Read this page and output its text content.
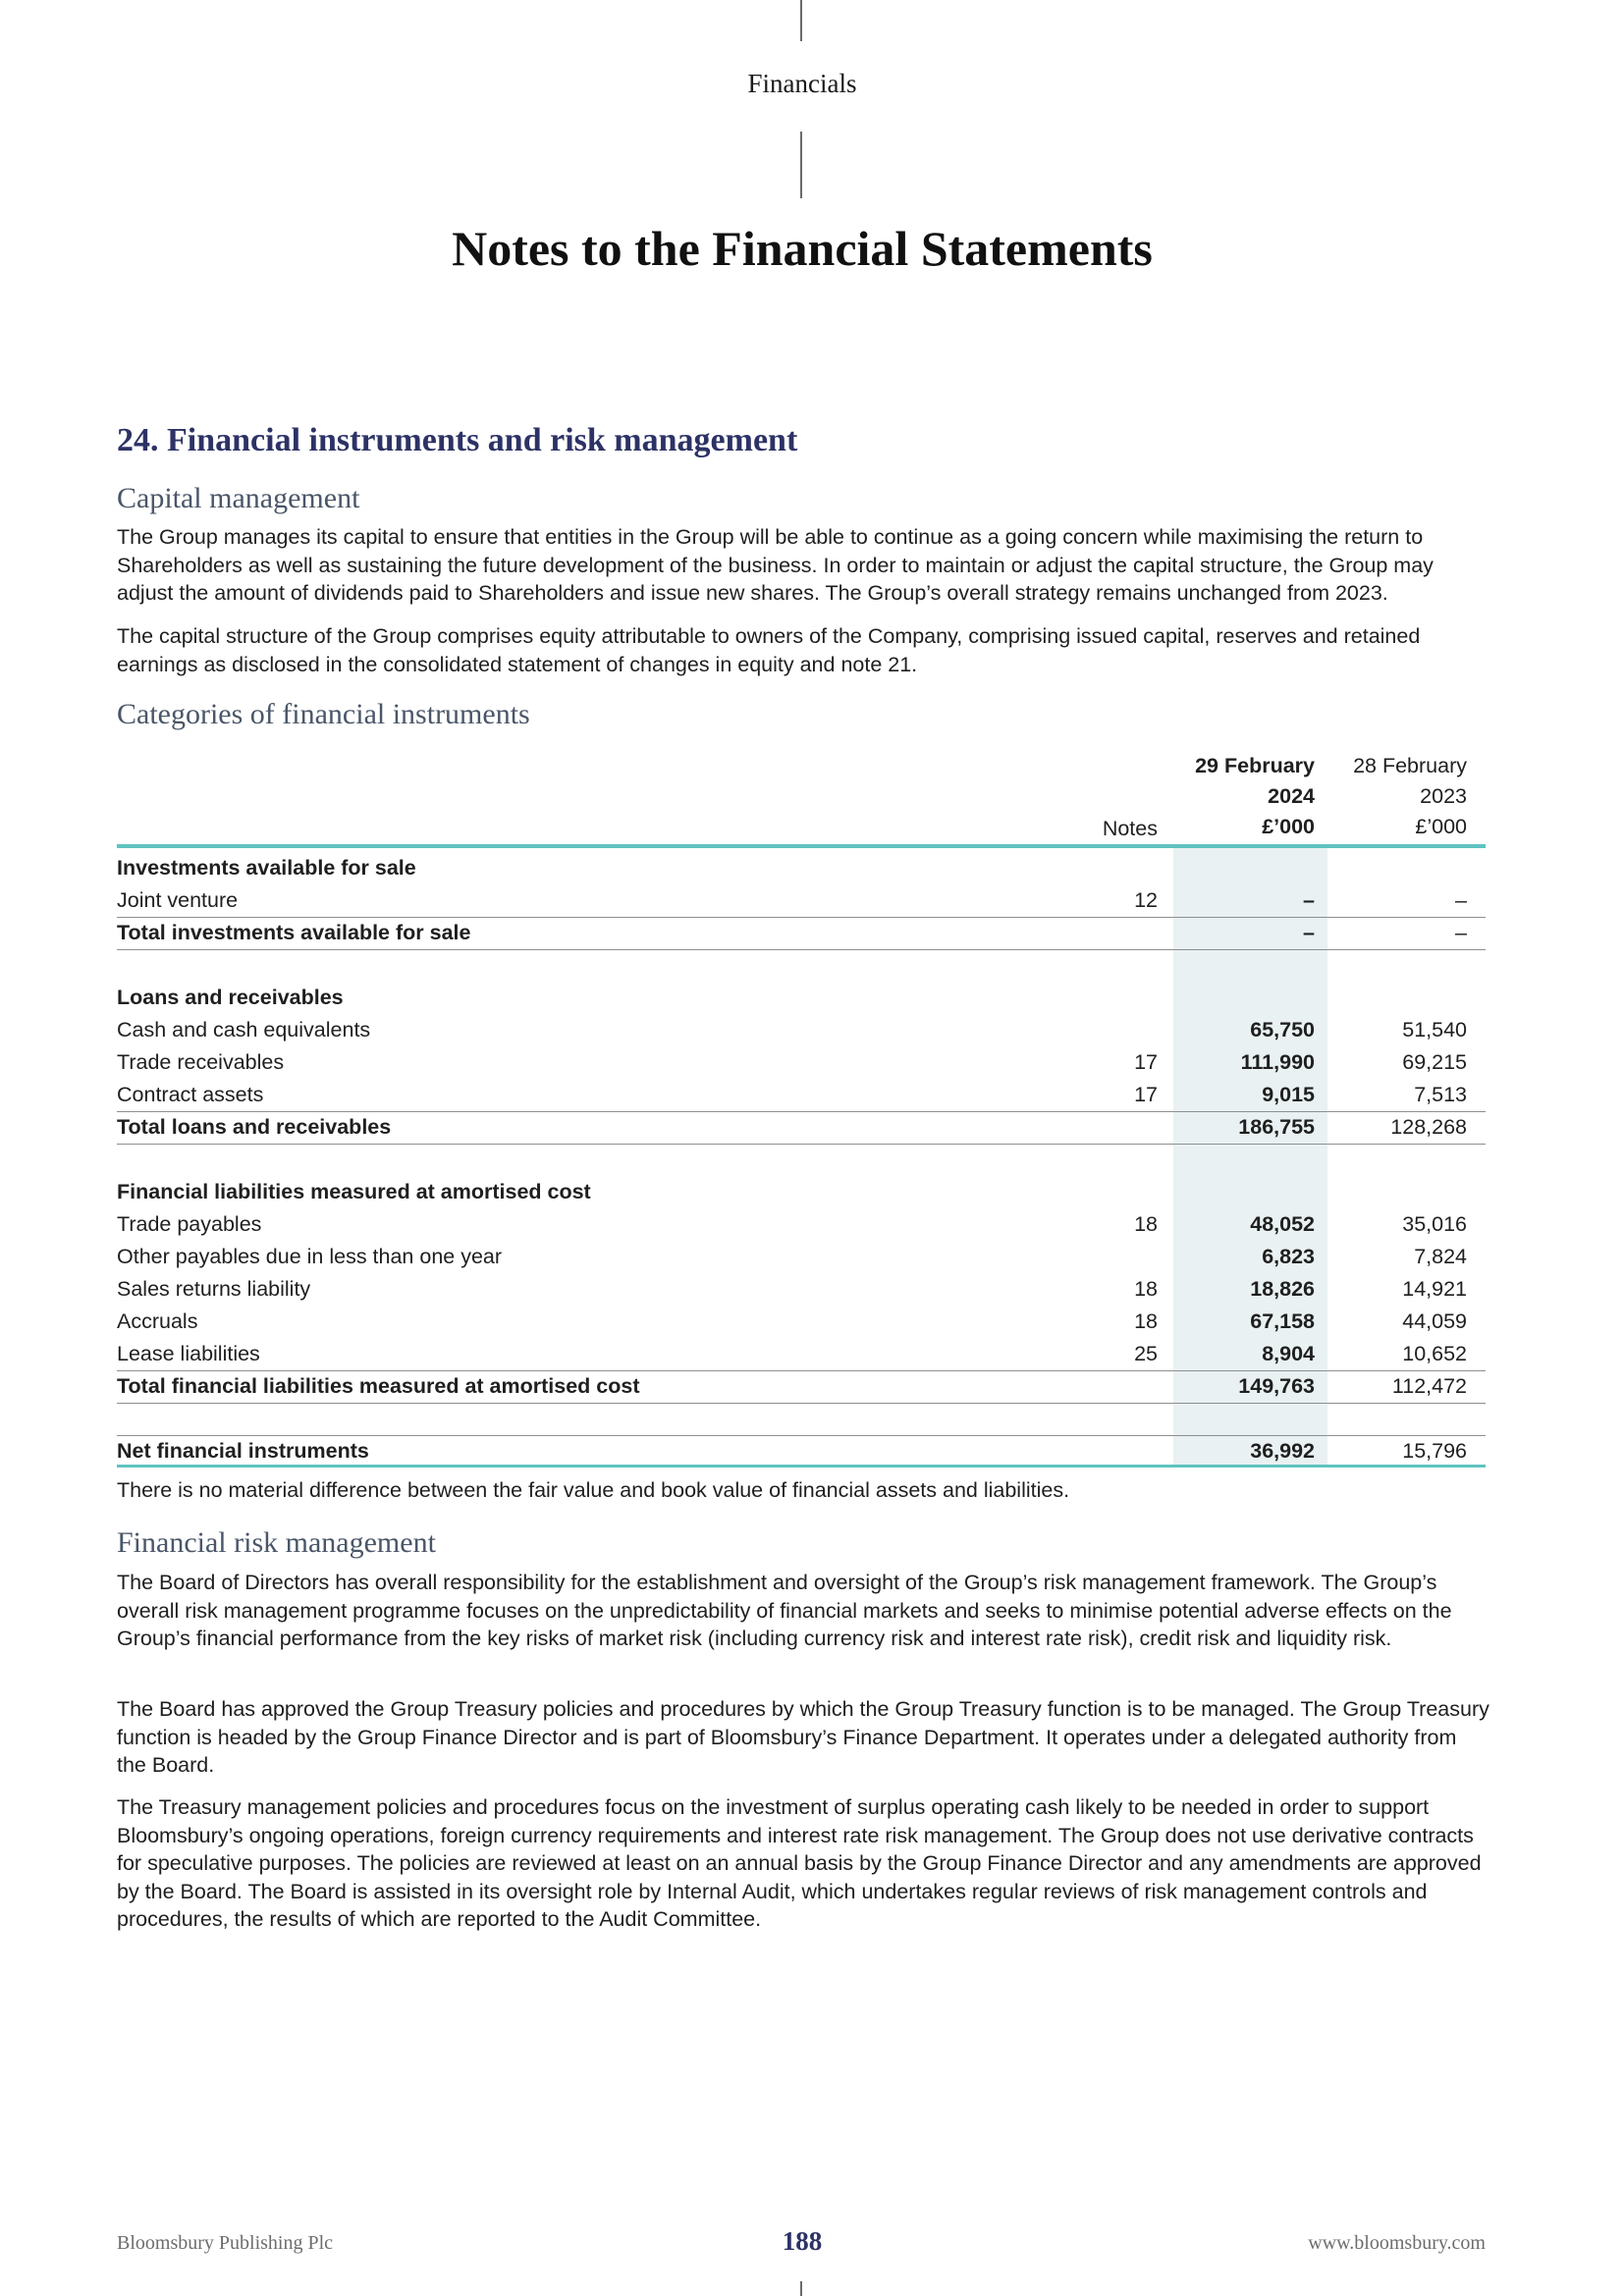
Financials
Notes to the Financial Statements
24. Financial instruments and risk management
Capital management

The Group manages its capital to ensure that entities in the Group will be able to continue as a going concern while maximising the return to Shareholders as well as sustaining the future development of the business. In order to maintain or adjust the capital structure, the Group may adjust the amount of dividends paid to Shareholders and issue new shares. The Group’s overall strategy remains unchanged from 2023.

The capital structure of the Group comprises equity attributable to owners of the Company, comprising issued capital, reserves and retained earnings as disclosed in the consolidated statement of changes in equity and note 21.

Categories of financial instruments
Notes
29 February
2024
£’000
28 February
2023
£’000
Investments available for sale
Joint venture	12	–	–
Total investments available for sale	–	–
Loans and receivables
Cash and cash equivalents	65,750	51,540
Trade receivables	17	111,990	69,215
Contract assets	17	9,015	7,513
Total loans and receivables	186,755	128,268
Financial liabilities measured at amortised cost
Trade payables	18	48,052	35,016
Other payables due in less than one year	6,823	7,824
Sales returns liability	18	18,826	14,921
Accruals	18	67,158	44,059
Lease liabilities	25	8,904	10,652
Total financial liabilities measured at amortised cost	149,763	112,472
Net financial instruments	36,992	15,796

There is no material difference between the fair value and book value of financial assets and liabilities.

Financial risk management

The Board of Directors has overall responsibility for the establishment and oversight of the Group’s risk management framework. The Group’s overall risk management programme focuses on the unpredictability of financial markets and seeks to minimise potential adverse effects on the Group’s financial performance from the key risks of market risk (including currency risk and interest rate risk), credit risk and liquidity risk.

The Board has approved the Group Treasury policies and procedures by which the Group Treasury function is to be managed. The Group Treasury function is headed by the Group Finance Director and is part of Bloomsbury’s Finance Department. It operates under a delegated authority from the Board.

The Treasury management policies and procedures focus on the investment of surplus operating cash likely to be needed in order to support Bloomsbury’s ongoing operations, foreign currency requirements and interest rate risk management. The Group does not use derivative contracts for speculative purposes. The policies are reviewed at least on an annual basis by the Group Finance Director and any amendments are approved by the Board. The Board is assisted in its oversight role by Internal Audit, which undertakes regular reviews of risk management controls and procedures, the results of which are reported to the Audit Committee.

Bloomsbury Publishing Plc	188	www.bloomsbury.com
